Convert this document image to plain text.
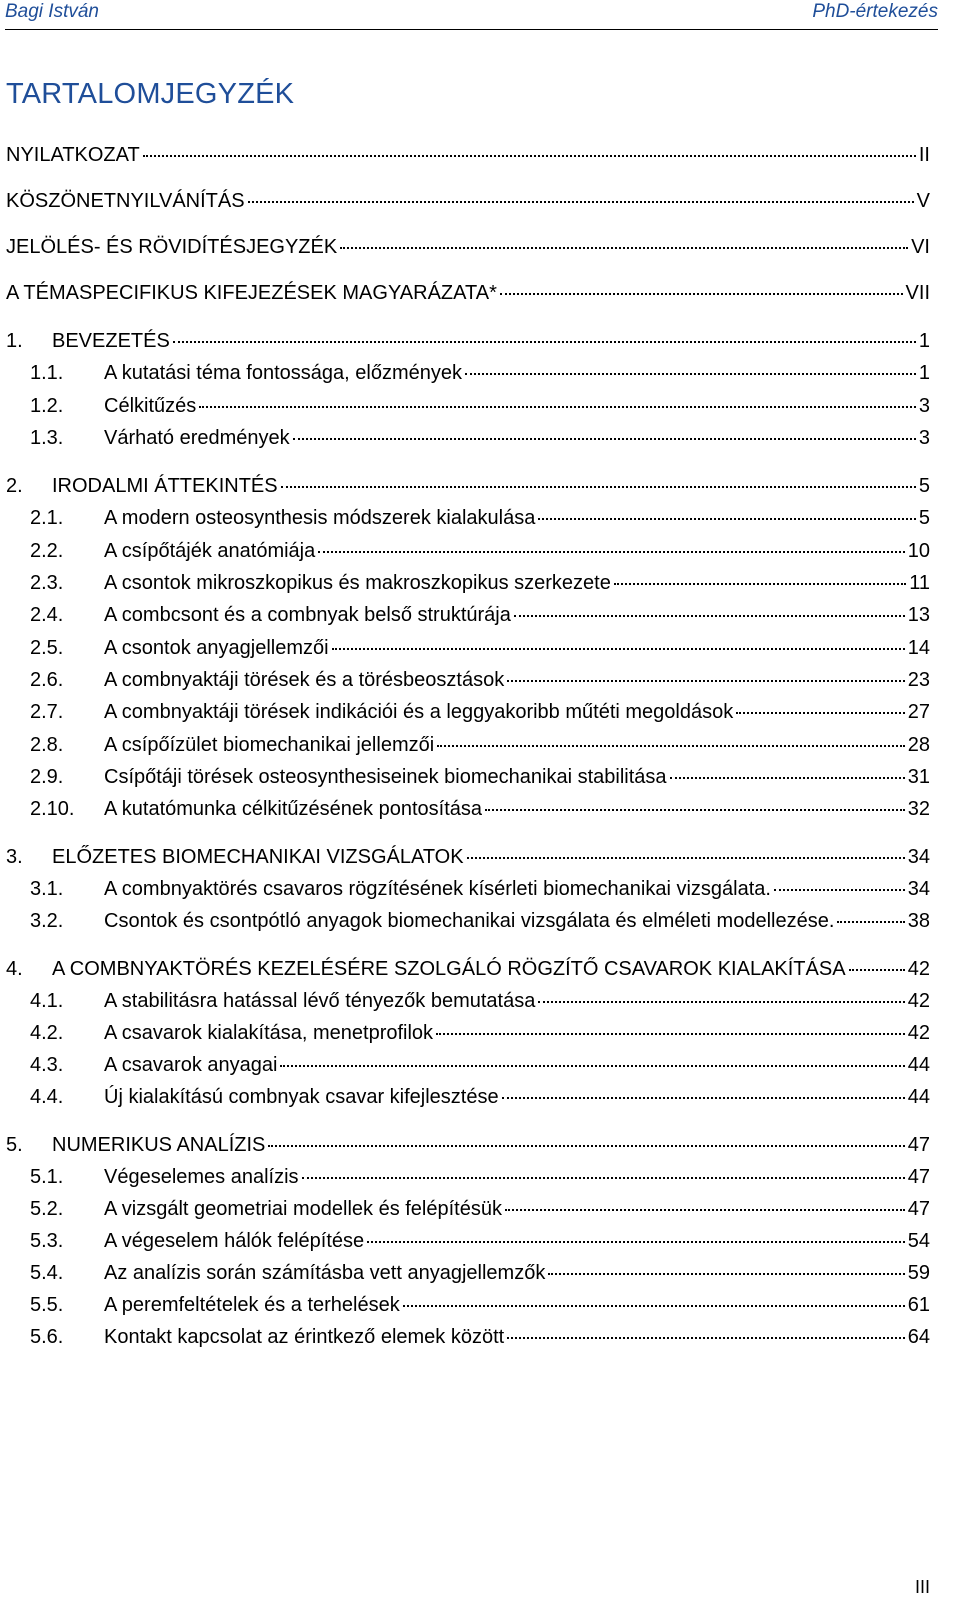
Bagi István	PhD-értekezés
TARTALOMJEGYZÉK
NYILATKOZAT	II
KÖSZÖNETNYILVÁNÍTÁS	V
JELÖLÉS- ÉS RÖVIDÍTÉSJEGYZÉK	VI
A TÉMASPECIFIKUS KIFEJEZÉSEK MAGYARÁZATA*	VII
1.	BEVEZETÉS	1
1.1.	A kutatási téma fontossága, előzmények	1
1.2.	Célkitűzés	3
1.3.	Várható eredmények	3
2.	IRODALMI ÁTTEKINTÉS	5
2.1.	A modern osteosynthesis módszerek kialakulása	5
2.2.	A csípőtájék anatómiája	10
2.3.	A csontok mikroszkopikus és makroszkopikus szerkezete	11
2.4.	A combcsont és a combnyak belső struktúrája	13
2.5.	A csontok anyagjellemzői	14
2.6.	A combnyaktáji törések és a törésbeosztások	23
2.7.	A combnyaktáji törések indikációi és a leggyakoribb műtéti megoldások	27
2.8.	A csípőízület biomechanikai jellemzői	28
2.9.	Csípőtáji törések osteosynthesiseinek biomechanikai stabilitása	31
2.10.	A kutatómunka célkitűzésének pontosítása	32
3.	ELŐZETES BIOMECHANIKAI VIZSGÁLATOK	34
3.1.	A combnyaktörés csavaros rögzítésének kísérleti biomechanikai vizsgálata.	34
3.2.	Csontok és csontpótló anyagok biomechanikai vizsgálata és elméleti modellezése.	38
4.	A COMBNYAKTÖRÉS KEZELÉSÉRE SZOLGÁLÓ RÖGZÍTŐ CSAVAROK KIALAKÍTÁSA	42
4.1.	A stabilitásra hatással lévő tényezők bemutatása	42
4.2.	A csavarok kialakítása, menetprofilok	42
4.3.	A csavarok anyagai	44
4.4.	Új kialakítású combnyak csavar kifejlesztése	44
5.	NUMERIKUS ANALÍZIS	47
5.1.	Végeselemes analízis	47
5.2.	A vizsgált geometriai modellek és felépítésük	47
5.3.	A végeselem hálók felépítése	54
5.4.	Az analízis során számításba vett anyagjellemzők	59
5.5.	A peremfeltételek és a terhelések	61
5.6.	Kontakt kapcsolat az érintkező elemek között	64
III
